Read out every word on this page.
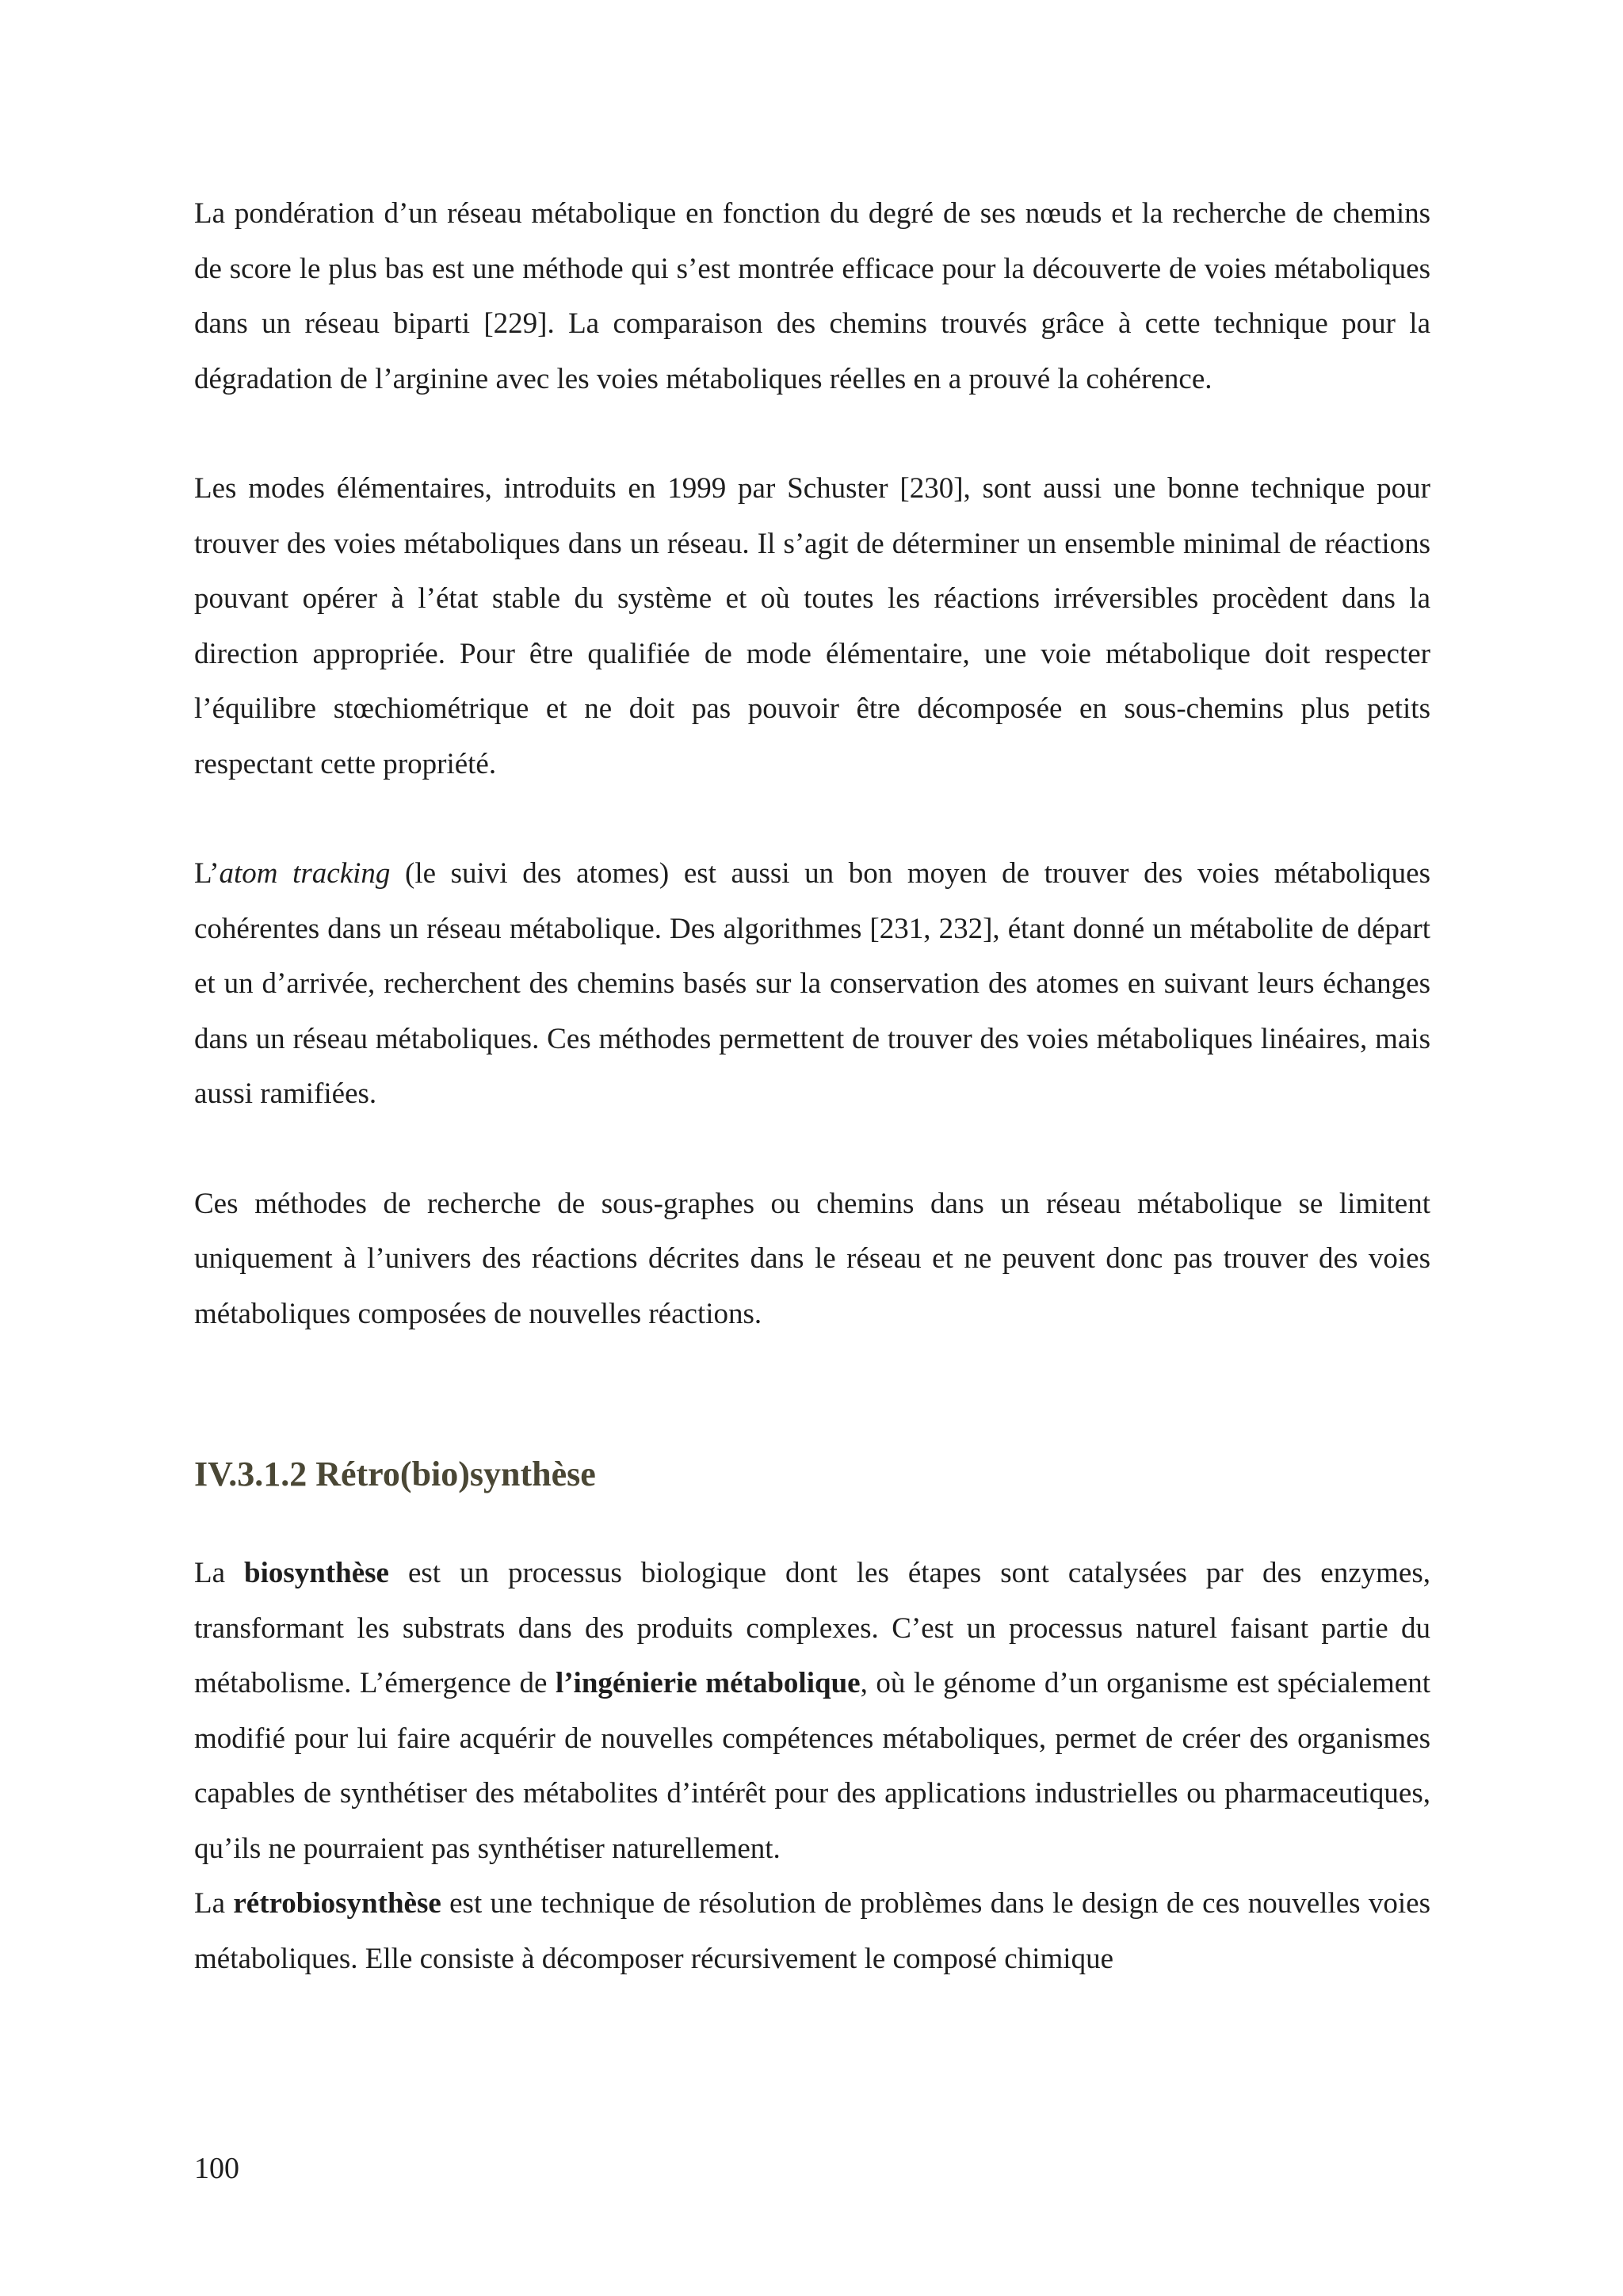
La pondération d’un réseau métabolique en fonction du degré de ses nœuds et la recherche de chemins de score le plus bas est une méthode qui s’est montrée efficace pour la découverte de voies métaboliques dans un réseau biparti [229]. La comparaison des chemins trouvés grâce à cette technique pour la dégradation de l’arginine avec les voies métaboliques réelles en a prouvé la cohérence.

Les modes élémentaires, introduits en 1999 par Schuster [230], sont aussi une bonne technique pour trouver des voies métaboliques dans un réseau. Il s’agit de déterminer un ensemble minimal de réactions pouvant opérer à l’état stable du système et où toutes les réactions irréversibles procèdent dans la direction appropriée. Pour être qualifiée de mode élémentaire, une voie métabolique doit respecter l’équilibre stœchiométrique et ne doit pas pouvoir être décomposée en sous-chemins plus petits respectant cette propriété.

L’atom tracking (le suivi des atomes) est aussi un bon moyen de trouver des voies métaboliques cohérentes dans un réseau métabolique. Des algorithmes [231, 232], étant donné un métabolite de départ et un d’arrivée, recherchent des chemins basés sur la conservation des atomes en suivant leurs échanges dans un réseau métaboliques. Ces méthodes permettent de trouver des voies métaboliques linéaires, mais aussi ramifiées.

Ces méthodes de recherche de sous-graphes ou chemins dans un réseau métabolique se limitent uniquement à l’univers des réactions décrites dans le réseau et ne peuvent donc pas trouver des voies métaboliques composées de nouvelles réactions.

IV.3.1.2 Rétro(bio)synthèse

La biosynthèse est un processus biologique dont les étapes sont catalysées par des enzymes, transformant les substrats dans des produits complexes. C’est un processus naturel faisant partie du métabolisme. L’émergence de l’ingénierie métabolique, où le génome d’un organisme est spécialement modifié pour lui faire acquérir de nouvelles compétences métaboliques, permet de créer des organismes capables de synthétiser des métabolites d’intérêt pour des applications industrielles ou pharmaceutiques, qu’ils ne pourraient pas synthétiser naturellement.

La rétrobiosynthèse est une technique de résolution de problèmes dans le design de ces nouvelles voies métaboliques. Elle consiste à décomposer récursivement le composé chimique

100
